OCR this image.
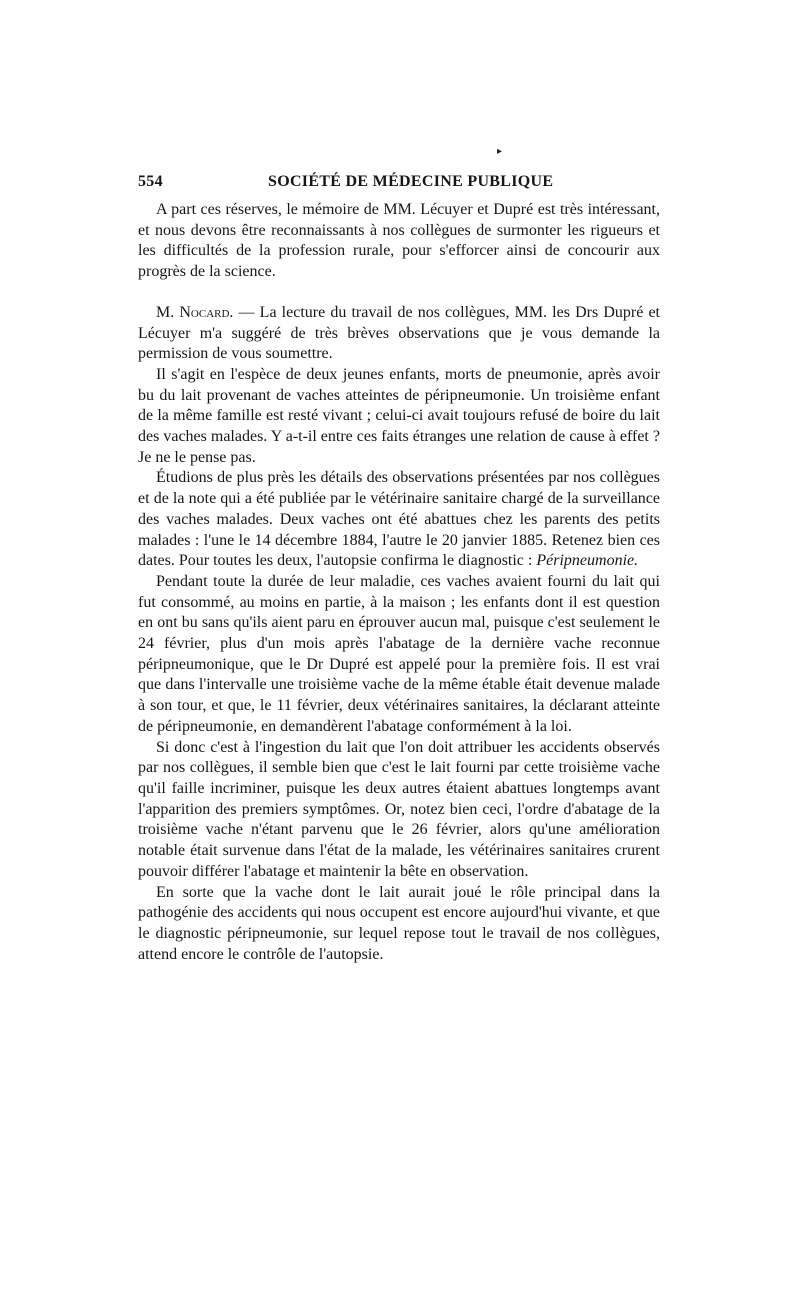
▸
554	SOCIÉTÉ DE MÉDECINE PUBLIQUE

A part ces réserves, le mémoire de MM. Lécuyer et Dupré est très intéressant, et nous devons être reconnaissants à nos collègues de surmonter les rigueurs et les difficultés de la profession rurale, pour s'efforcer ainsi de concourir aux progrès de la science.

M. Nocard. — La lecture du travail de nos collègues, MM. les Drs Dupré et Lécuyer m'a suggéré de très brèves observations que je vous demande la permission de vous soumettre.

Il s'agit en l'espèce de deux jeunes enfants, morts de pneumonie, après avoir bu du lait provenant de vaches atteintes de péripneumonie. Un troisième enfant de la même famille est resté vivant ; celui-ci avait toujours refusé de boire du lait des vaches malades. Y a-t-il entre ces faits étranges une relation de cause à effet ? Je ne le pense pas.

Étudions de plus près les détails des observations présentées par nos collègues et de la note qui a été publiée par le vétérinaire sanitaire chargé de la surveillance des vaches malades. Deux vaches ont été abattues chez les parents des petits malades : l'une le 14 décembre 1884, l'autre le 20 janvier 1885. Retenez bien ces dates. Pour toutes les deux, l'autopsie confirma le diagnostic : Péripneumonie.

Pendant toute la durée de leur maladie, ces vaches avaient fourni du lait qui fut consommé, au moins en partie, à la maison ; les enfants dont il est question en ont bu sans qu'ils aient paru en éprouver aucun mal, puisque c'est seulement le 24 février, plus d'un mois après l'abatage de la dernière vache reconnue péripneumonique, que le Dr Dupré est appelé pour la première fois. Il est vrai que dans l'intervalle une troisième vache de la même étable était devenue malade à son tour, et que, le 11 février, deux vétérinaires sanitaires, la déclarant atteinte de péripneumonie, en demandèrent l'abatage conformément à la loi.

Si donc c'est à l'ingestion du lait que l'on doit attribuer les accidents observés par nos collègues, il semble bien que c'est le lait fourni par cette troisième vache qu'il faille incriminer, puisque les deux autres étaient abattues longtemps avant l'apparition des premiers symptômes. Or, notez bien ceci, l'ordre d'abatage de la troisième vache n'étant parvenu que le 26 février, alors qu'une amélioration notable était survenue dans l'état de la malade, les vétérinaires sanitaires crurent pouvoir différer l'abatage et maintenir la bête en observation.

En sorte que la vache dont le lait aurait joué le rôle principal dans la pathogénie des accidents qui nous occupent est encore aujourd'hui vivante, et que le diagnostic péripneumonie, sur lequel repose tout le travail de nos collègues, attend encore le contrôle de l'autopsie.
